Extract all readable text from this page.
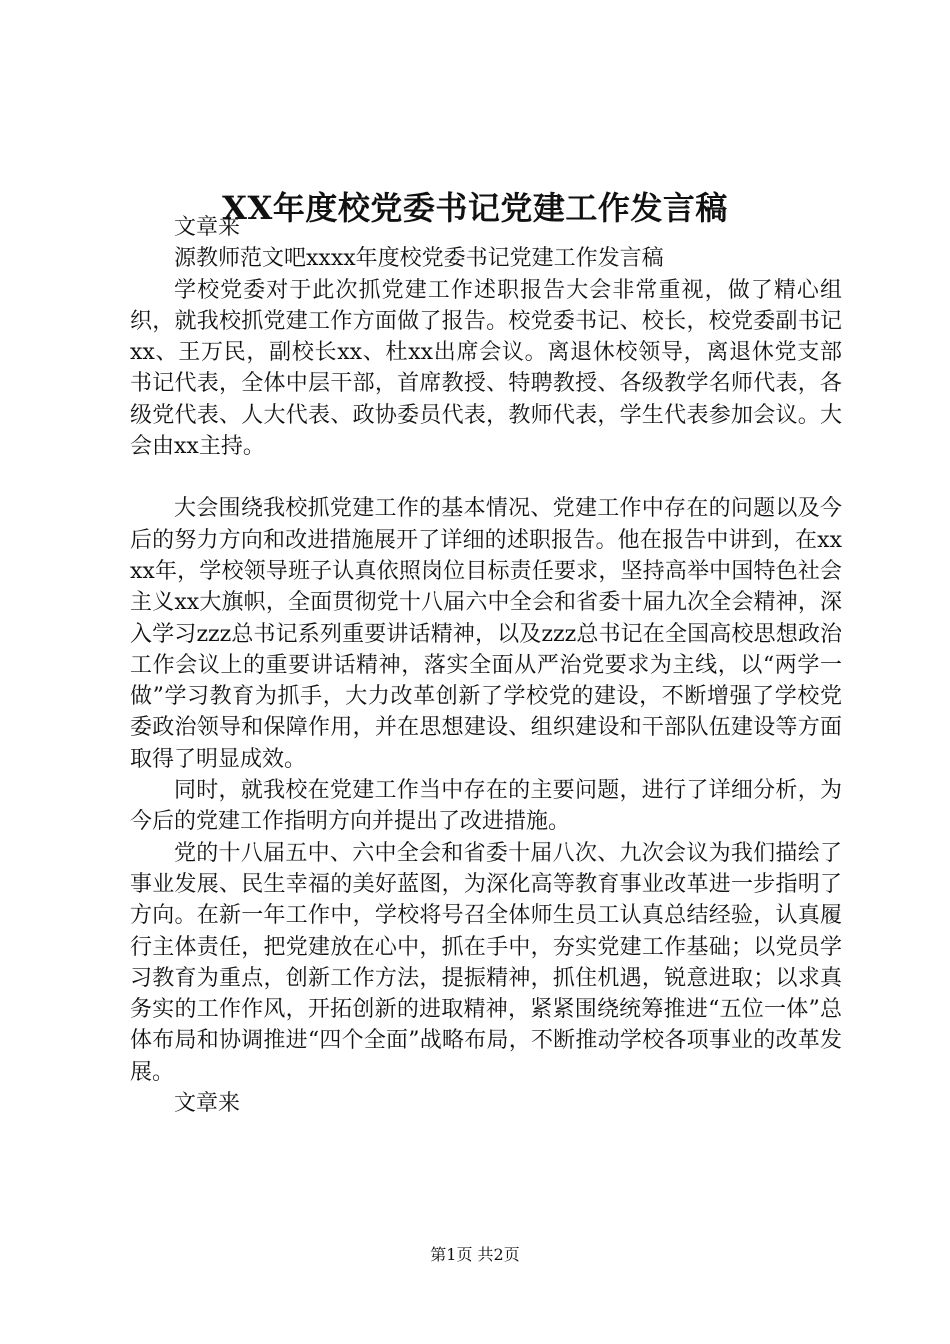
XX年度校党委书记党建工作发言稿

文章来

源教师范文吧xxxx年度校党委书记党建工作发言稿

学校党委对于此次抓党建工作述职报告大会非常重视，做了精心组织，就我校抓党建工作方面做了报告。校党委书记、校长，校党委副书记xx、王万民，副校长xx、杜xx出席会议。离退休校领导，离退休党支部书记代表，全体中层干部，首席教授、特聘教授、各级教学名师代表，各级党代表、人大代表、政协委员代表，教师代表，学生代表参加会议。大会由xx主持。

大会围绕我校抓党建工作的基本情况、党建工作中存在的问题以及今后的努力方向和改进措施展开了详细的述职报告。他在报告中讲到，在xxxx年，学校领导班子认真依照岗位目标责任要求，坚持高举中国特色社会主义xx大旗帜，全面贯彻党十八届六中全会和省委十届九次全会精神，深入学习zzz总书记系列重要讲话精神，以及zzz总书记在全国高校思想政治工作会议上的重要讲话精神，落实全面从严治党要求为主线，以“两学一做”学习教育为抓手，大力改革创新了学校党的建设，不断增强了学校党委政治领导和保障作用，并在思想建设、组织建设和干部队伍建设等方面取得了明显成效。

同时，就我校在党建工作当中存在的主要问题，进行了详细分析，为今后的党建工作指明方向并提出了改进措施。

党的十八届五中、六中全会和省委十届八次、九次会议为我们描绘了事业发展、民生幸福的美好蓝图，为深化高等教育事业改革进一步指明了方向。在新一年工作中，学校将号召全体师生员工认真总结经验，认真履行主体责任，把党建放在心中，抓在手中，夯实党建工作基础；以党员学习教育为重点，创新工作方法，提振精神，抓住机遇，锐意进取；以求真务实的工作作风，开拓创新的进取精神，紧紧围绕统筹推进“五位一体”总体布局和协调推进“四个全面”战略布局，不断推动学校各项事业的改革发展。

文章来

第1页 共2页
